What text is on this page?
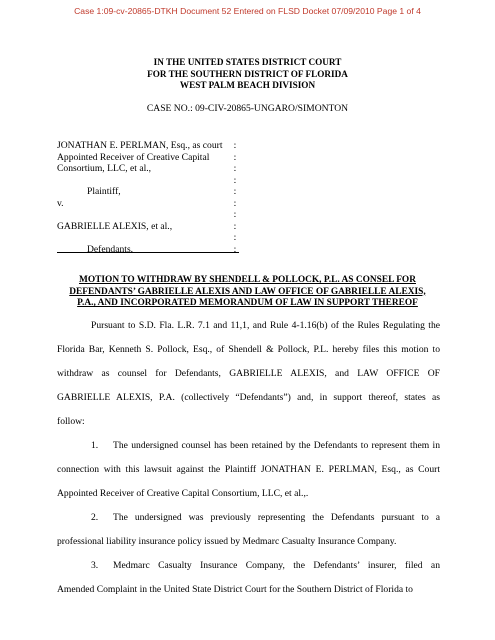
Case 1:09-cv-20865-DTKH Document 52 Entered on FLSD Docket 07/09/2010 Page 1 of 4
IN THE UNITED STATES DISTRICT COURT
FOR THE SOUTHERN DISTRICT OF FLORIDA
WEST PALM BEACH DIVISION
CASE NO.: 09-CIV-20865-UNGARO/SIMONTON
JONATHAN E. PERLMAN, Esq., as court
Appointed Receiver of Creative Capital
Consortium, LLC, et al.,
Plaintiff,
v.
GABRIELLE ALEXIS, et al.,
Defendants.
:
:
:
:
:
:
:
:
:
:
MOTION TO WITHDRAW BY SHENDELL & POLLOCK, P.L. AS CONSEL FOR
DEFENDANTS’ GABRIELLE ALEXIS AND LAW OFFICE OF GABRIELLE ALEXIS,
P.A., AND INCORPORATED MEMORANDUM OF LAW IN SUPPORT THEREOF
Pursuant to S.D. Fla. L.R. 7.1 and 11,1, and Rule 4-1.16(b) of the Rules Regulating the
Florida Bar, Kenneth S. Pollock, Esq., of Shendell & Pollock, P.L. hereby files this motion to
withdraw as counsel for Defendants, GABRIELLE ALEXIS, and LAW OFFICE OF
GABRIELLE ALEXIS, P.A. (collectively “Defendants”) and, in support thereof, states as
follow:
1. The undersigned counsel has been retained by the Defendants to represent them in
connection with this lawsuit against the Plaintiff JONATHAN E. PERLMAN, Esq., as Court
Appointed Receiver of Creative Capital Consortium, LLC, et al.,.
2. The undersigned was previously representing the Defendants pursuant to a
professional liability insurance policy issued by Medmarc Casualty Insurance Company.
3. Medmarc Casualty Insurance Company, the Defendants’ insurer, filed an
Amended Complaint in the United State District Court for the Southern District of Florida to
